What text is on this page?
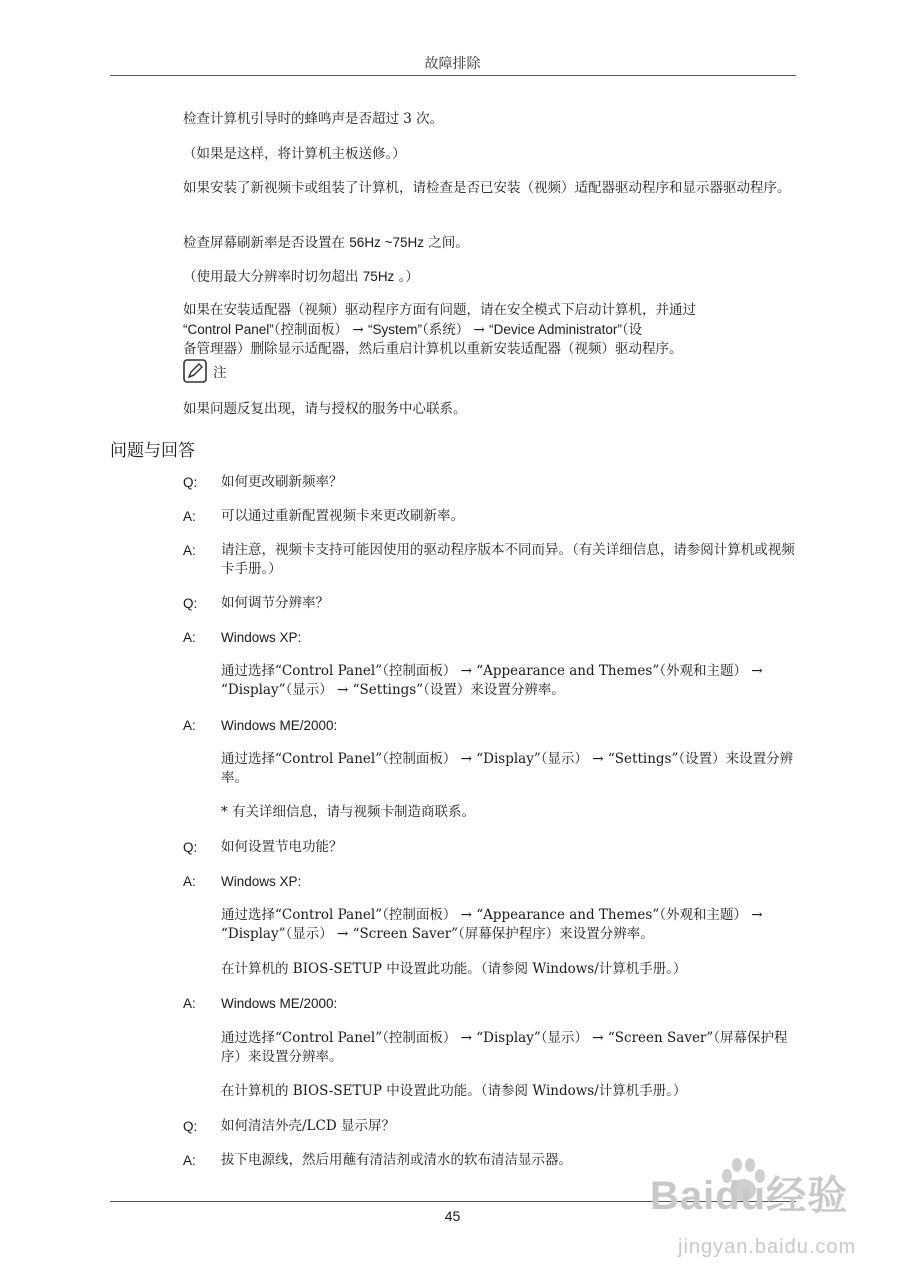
故障排除

检查计算机引导时的蜂鸣声是否超过 3 次。

（如果是这样，将计算机主板送修。）

如果安装了新视频卡或组装了计算机，请检查是否已安装（视频）适配器驱动程序和显示器驱动程序。

检查屏幕刷新率是否设置在 56Hz ~75Hz 之间。

（使用最大分辨率时切勿超出 75Hz 。）

如果在安装适配器（视频）驱动程序方面有问题，请在安全模式下启动计算机，并通过
“Control Panel”（控制面板） → “System”（系统） → “Device Administrator”（设
备管理器）删除显示适配器，然后重启计算机以重新安装适配器（视频）驱动程序。
注

如果问题反复出现，请与授权的服务中心联系。

问题与回答
Q:	如何更改刷新频率？

A:	可以通过重新配置视频卡来更改刷新率。

A:	请注意，视频卡支持可能因使用的驱动程序版本不同而异。（有关详细信息，请参阅计算机或视频卡手册。）

Q:	如何调节分辨率？

A:	Windows XP:

通过选择“Control Panel”（控制面板） → “Appearance and Themes”（外观和主题） → “Display”（显示） → “Settings”（设置）来设置分辨率。

A:	Windows ME/2000:

通过选择“Control Panel”（控制面板） → “Display”（显示） → “Settings”（设置）来设置分辨率。

* 有关详细信息，请与视频卡制造商联系。

Q:	如何设置节电功能？

A:	Windows XP:

通过选择“Control Panel”（控制面板） → “Appearance and Themes”（外观和主题） → “Display”（显示） → “Screen Saver”（屏幕保护程序）来设置分辨率。

在计算机的 BIOS-SETUP 中设置此功能。（请参阅 Windows/计算机手册。）

A:	Windows ME/2000:

通过选择“Control Panel”（控制面板） → “Display”（显示） → “Screen Saver”（屏幕保护程序）来设置分辨率。

在计算机的 BIOS-SETUP 中设置此功能。（请参阅 Windows/计算机手册。）

Q:	如何清洁外壳/LCD 显示屏？

A:	拔下电源线，然后用蘸有清洁剂或清水的软布清洁显示器。

45	Baidu经验
jingyan.baidu.com
